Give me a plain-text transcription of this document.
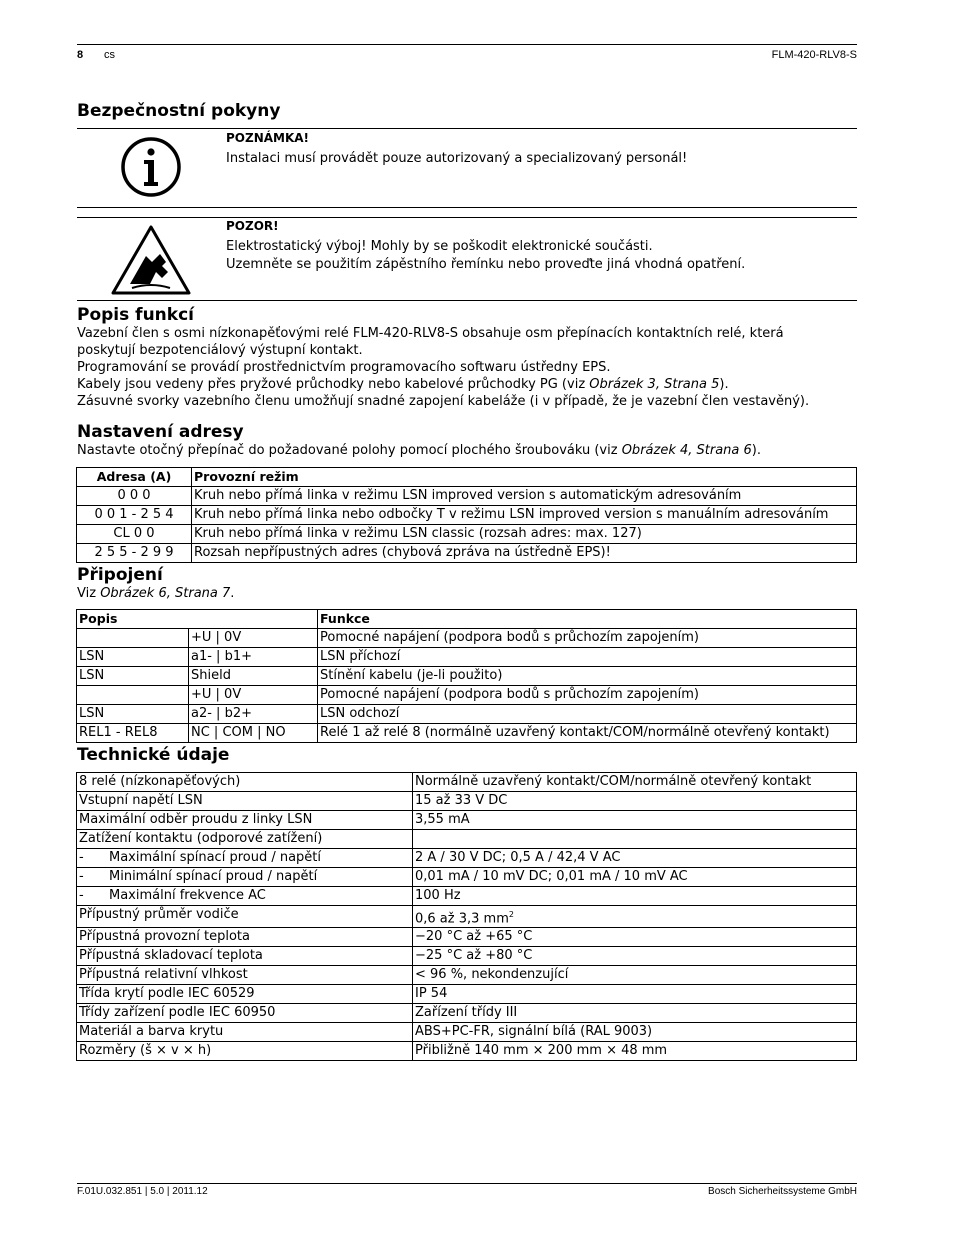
8 cs	FLM-420-RLV8-S
Bezpečnostní pokyny
POZNÁMKA!
Instalaci musí provádět pouze autorizovaný a specializovaný personál!
POZOR!
Elektrostatický výboj! Mohly by se poškodit elektronické součásti.
Uzemněte se použitím zápěstního řemínku nebo proveďte jiná vhodná opatření.
Popis funkcí
Vazební člen s osmi nízkonapěťovými relé FLM-420-RLV8-S obsahuje osm přepínacích kontaktních relé, která
poskytují bezpotenciálový výstupní kontakt.
Programování se provádí prostřednictvím programovacího softwaru ústředny EPS.
Kabely jsou vedeny přes pryžové průchodky nebo kabelové průchodky PG (viz Obrázek 3, Strana 5).
Zásuvné svorky vazebního členu umožňují snadné zapojení kabeláže (i v případě, že je vazební člen vestavěný).
Nastavení adresy
Nastavte otočný přepínač do požadované polohy pomocí plochého šroubováku (viz Obrázek 4, Strana 6).
Adresa (A)	Provozní režim
0 0 0	Kruh nebo přímá linka v režimu LSN improved version s automatickým adresováním
0 0 1 - 2 5 4	Kruh nebo přímá linka nebo odbočky T v režimu LSN improved version s manuálním adresováním
CL 0 0	Kruh nebo přímá linka v režimu LSN classic (rozsah adres: max. 127)
2 5 5 - 2 9 9	Rozsah nepřípustných adres (chybová zpráva na ústředně EPS)!
Připojení
Viz Obrázek 6, Strana 7.
Popis		Funkce
	+U | 0V	Pomocné napájení (podpora bodů s průchozím zapojením)
LSN	a1- | b1+	LSN příchozí
LSN	Shield	Stínění kabelu (je-li použito)
	+U | 0V	Pomocné napájení (podpora bodů s průchozím zapojením)
LSN	a2- | b2+	LSN odchozí
REL1 - REL8	NC | COM | NO	Relé 1 až relé 8 (normálně uzavřený kontakt/COM/normálně otevřený kontakt)
Technické údaje
8 relé (nízkonapěťových)	Normálně uzavřený kontakt/COM/normálně otevřený kontakt
Vstupní napětí LSN	15 až 33 V DC
Maximální odběr proudu z linky LSN	3,55 mA
Zatížení kontaktu (odporové zatížení)	
- Maximální spínací proud / napětí	2 A / 30 V DC; 0,5 A / 42,4 V AC
- Minimální spínací proud / napětí	0,01 mA / 10 mV DC; 0,01 mA / 10 mV AC
- Maximální frekvence AC	100 Hz
Přípustný průměr vodiče	0,6 až 3,3 $mm^2$
Přípustná provozní teplota	−20 °C až +65 °C
Přípustná skladovací teplota	−25 °C až +80 °C
Přípustná relativní vlhkost	< 96 %, nekondenzující
Třída krytí podle IEC 60529	IP 54
Třídy zařízení podle IEC 60950	Zařízení třídy III
Materiál a barva krytu	ABS+PC-FR, signální bílá (RAL 9003)
Rozměry (š × v × h)	Přibližně 140 mm × 200 mm × 48 mm
F.01U.032.851 | 5.0 | 2011.12	Bosch Sicherheitssysteme GmbH
